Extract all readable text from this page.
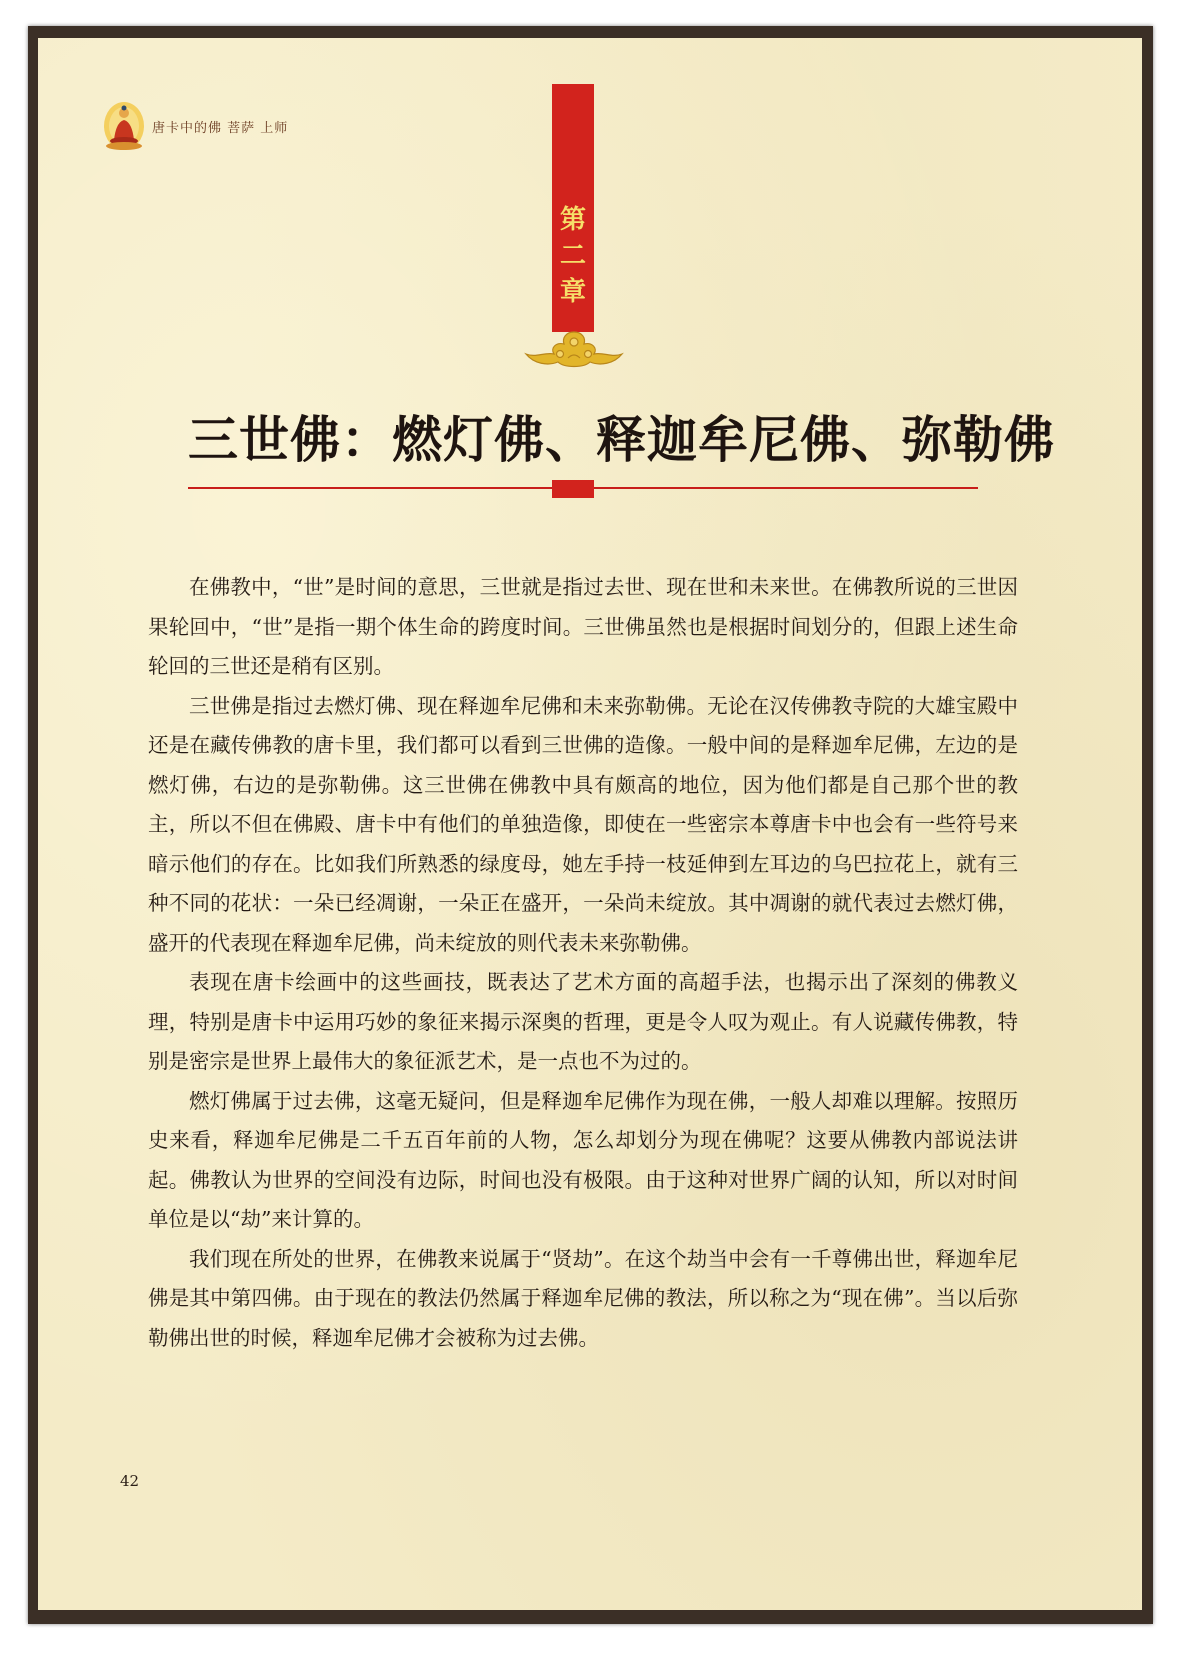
唐卡中的佛 菩萨 上师
第
二
章
三世佛：燃灯佛、释迦牟尼佛、弥勒佛

在佛教中，“世”是时间的意思，三世就是指过去世、现在世和未来世。在佛教所说的三世因果轮回中，“世”是指一期个体生命的跨度时间。三世佛虽然也是根据时间划分的，但跟上述生命轮回的三世还是稍有区别。

三世佛是指过去燃灯佛、现在释迦牟尼佛和未来弥勒佛。无论在汉传佛教寺院的大雄宝殿中还是在藏传佛教的唐卡里，我们都可以看到三世佛的造像。一般中间的是释迦牟尼佛，左边的是燃灯佛，右边的是弥勒佛。这三世佛在佛教中具有颇高的地位，因为他们都是自己那个世的教主，所以不但在佛殿、唐卡中有他们的单独造像，即使在一些密宗本尊唐卡中也会有一些符号来暗示他们的存在。比如我们所熟悉的绿度母，她左手持一枝延伸到左耳边的乌巴拉花上，就有三种不同的花状：一朵已经凋谢，一朵正在盛开，一朵尚未绽放。其中凋谢的就代表过去燃灯佛，盛开的代表现在释迦牟尼佛，尚未绽放的则代表未来弥勒佛。

表现在唐卡绘画中的这些画技，既表达了艺术方面的高超手法，也揭示出了深刻的佛教义理，特别是唐卡中运用巧妙的象征来揭示深奥的哲理，更是令人叹为观止。有人说藏传佛教，特别是密宗是世界上最伟大的象征派艺术，是一点也不为过的。

燃灯佛属于过去佛，这毫无疑问，但是释迦牟尼佛作为现在佛，一般人却难以理解。按照历史来看，释迦牟尼佛是二千五百年前的人物，怎么却划分为现在佛呢？这要从佛教内部说法讲起。佛教认为世界的空间没有边际，时间也没有极限。由于这种对世界广阔的认知，所以对时间单位是以“劫”来计算的。

我们现在所处的世界，在佛教来说属于“贤劫”。在这个劫当中会有一千尊佛出世，释迦牟尼佛是其中第四佛。由于现在的教法仍然属于释迦牟尼佛的教法，所以称之为“现在佛”。当以后弥勒佛出世的时候，释迦牟尼佛才会被称为过去佛。

42
